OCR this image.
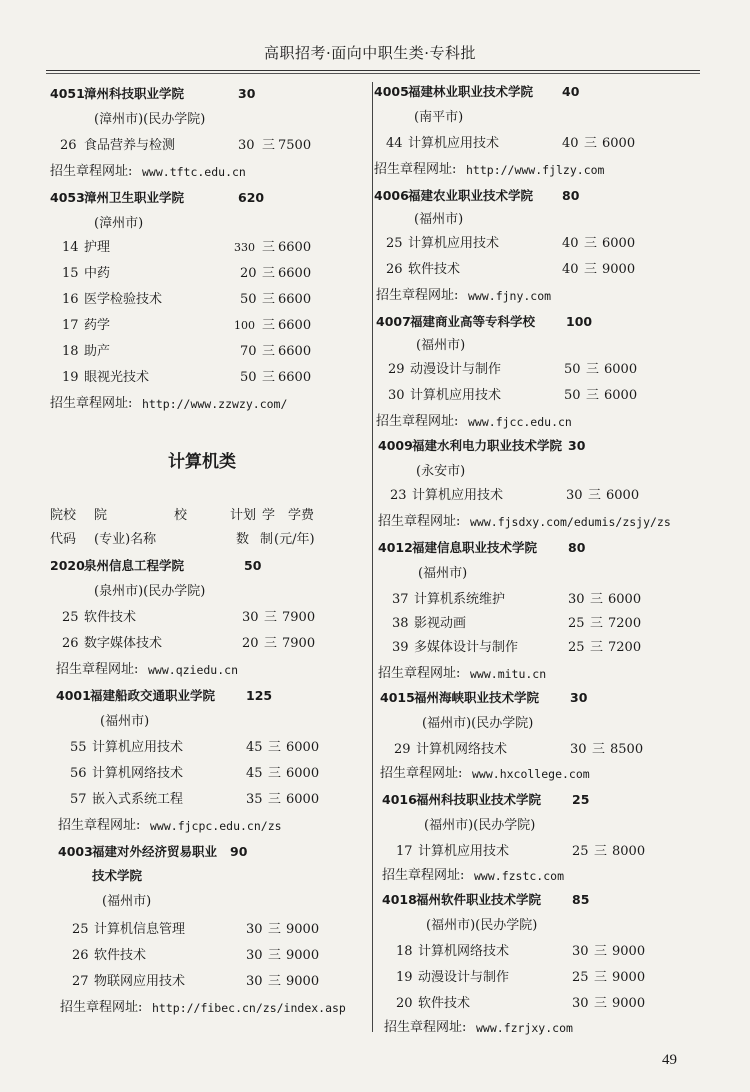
高职招考·面向中职生类·专科批
4051 漳州科技职业学院	30
(漳州市)(民办学院)
26 食品营养与检测	30 三 7500
招生章程网址: www.tftc.edu.cn
4053 漳州卫生职业学院	620
(漳州市)
14 护理	330 三 6600
15 中药	20 三 6600
16 医学检验技术	50 三 6600
17 药学	100 三 6600
18 助产	70 三 6600
19 眼视光技术	50 三 6600
招生章程网址: http://www.zzwzy.com/
计算机类
院校 院	校	计划 学 学费
代码 (专业)名称	数 制 (元/年)
2020 泉州信息工程学院	50
(泉州市)(民办学院)
25 软件技术	30 三 7900
26 数字媒体技术	20 三 7900
招生章程网址: www.qziedu.cn
4001 福建船政交通职业学院 125
(福州市)
55 计算机应用技术	45 三 6000
56 计算机网络技术	45 三 6000
57 嵌入式系统工程	35 三 6000
招生章程网址: www.fjcpc.edu.cn/zs
4003 福建对外经济贸易职业 90
技术学院
(福州市)
25 计算机信息管理	30 三 9000
26 软件技术	30 三 9000
27 物联网应用技术	30 三 9000
招生章程网址: http://fibec.cn/zs/index.asp
4005 福建林业职业技术学院 40
(南平市)
44 计算机应用技术	40 三 6000
招生章程网址: http://www.fjlzy.com
4006 福建农业职业技术学院 80
(福州市)
25 计算机应用技术	40 三 6000
26 软件技术	40 三 9000
招生章程网址: www.fjny.com
4007 福建商业高等专科学校 100
(福州市)
29 动漫设计与制作	50 三 6000
30 计算机应用技术	50 三 6000
招生章程网址: www.fjcc.edu.cn
4009 福建水利电力职业技术学院 30
(永安市)
23 计算机应用技术	30 三 6000
招生章程网址: www.fjsdxy.com/edumis/zsjy/zs
4012 福建信息职业技术学院 80
(福州市)
37 计算机系统维护	30 三 6000
38 影视动画	25 三 7200
39 多媒体设计与制作	25 三 7200
招生章程网址: www.mitu.cn
4015 福州海峡职业技术学院 30
(福州市)(民办学院)
29 计算机网络技术	30 三 8500
招生章程网址: www.hxcollege.com
4016 福州科技职业技术学院 25
(福州市)(民办学院)
17 计算机应用技术	25 三 8000
招生章程网址: www.fzstc.com
4018 福州软件职业技术学院 85
(福州市)(民办学院)
18 计算机网络技术	30 三 9000
19 动漫设计与制作	25 三 9000
20 软件技术	30 三 9000
招生章程网址: www.fzrjxy.com
49
